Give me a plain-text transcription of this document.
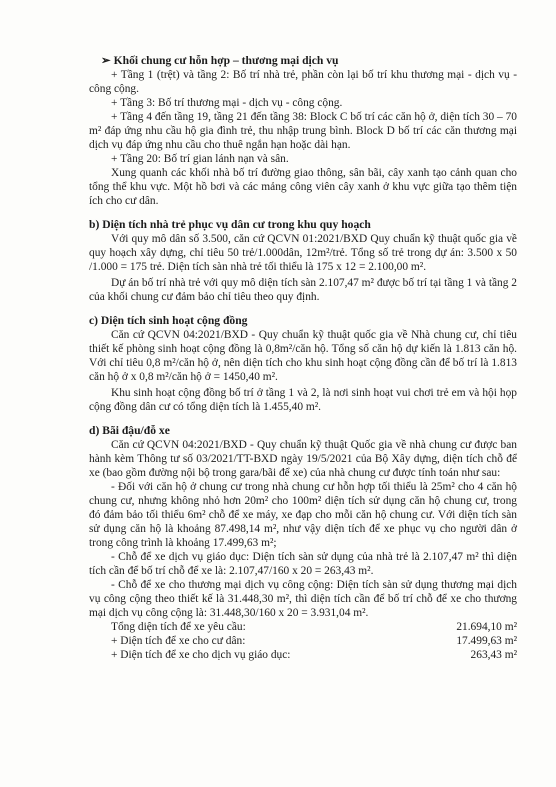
➢ Khối chung cư hỗn hợp – thương mại dịch vụ

+ Tầng 1 (trệt) và tầng 2: Bố trí nhà trẻ, phần còn lại bố trí khu thương mại - dịch vụ - công cộng.

+ Tầng 3: Bố trí thương mại - dịch vụ - công cộng.

+ Tầng 4 đến tầng 19, tầng 21 đến tầng 38: Block C bố trí các căn hộ ở, diện tích 30 – 70 m² đáp ứng nhu cầu hộ gia đình trẻ, thu nhập trung bình. Block D bố trí các căn thương mại dịch vụ đáp ứng nhu cầu cho thuê ngắn hạn hoặc dài hạn.

+ Tầng 20: Bố trí gian lánh nạn và sân.

Xung quanh các khối nhà bố trí đường giao thông, sân bãi, cây xanh tạo cảnh quan cho tổng thể khu vực. Một hồ bơi và các mảng công viên cây xanh ở khu vực giữa tạo thêm tiện ích cho cư dân.

b) Diện tích nhà trẻ phục vụ dân cư trong khu quy hoạch

Với quy mô dân số 3.500, căn cứ QCVN 01:2021/BXD Quy chuẩn kỹ thuật quốc gia về quy hoạch xây dựng, chỉ tiêu 50 trẻ/1.000dân, 12m²/trẻ. Tổng số trẻ trong dự án: 3.500 x 50 /1.000 = 175 trẻ. Diện tích sàn nhà trẻ tối thiểu là 175 x 12 = 2.100,00 m².

Dự án bố trí nhà trẻ với quy mô diện tích sàn 2.107,47 m² được bố trí tại tầng 1 và tầng 2 của khối chung cư đảm bảo chỉ tiêu theo quy định.

c) Diện tích sinh hoạt cộng đồng

Căn cứ QCVN 04:2021/BXD - Quy chuẩn kỹ thuật quốc gia về Nhà chung cư, chỉ tiêu thiết kế phòng sinh hoạt cộng đồng là 0,8m²/căn hộ. Tổng số căn hộ dự kiến là 1.813 căn hộ. Với chỉ tiêu 0,8 m²/căn hộ ở, nên diện tích cho khu sinh hoạt cộng đồng cần để bố trí là 1.813 căn hộ ở x 0,8 m²/căn hộ ở = 1450,40 m².

Khu sinh hoạt cộng đồng bố trí ở tầng 1 và 2, là nơi sinh hoạt vui chơi trẻ em và hội họp cộng đồng dân cư có tổng diện tích là 1.455,40 m².

d) Bãi đậu/đỗ xe

Căn cứ QCVN 04:2021/BXD - Quy chuẩn kỹ thuật Quốc gia về nhà chung cư được ban hành kèm Thông tư số 03/2021/TT-BXD ngày 19/5/2021 của Bộ Xây dựng, diện tích chỗ để xe (bao gồm đường nội bộ trong gara/bãi để xe) của nhà chung cư được tính toán như sau:

- Đối với căn hộ ở chung cư trong nhà chung cư hỗn hợp tối thiểu là 25m² cho 4 căn hộ chung cư, nhưng không nhỏ hơn 20m² cho 100m² diện tích sử dụng căn hộ chung cư, trong đó đảm bảo tối thiểu 6m² chỗ để xe máy, xe đạp cho mỗi căn hộ chung cư. Với diện tích sàn sử dụng căn hộ là khoảng 87.498,14 m², như vậy diện tích để xe phục vụ cho người dân ở trong công trình là khoảng 17.499,63 m²;

- Chỗ để xe dịch vụ giáo dục: Diện tích sàn sử dụng của nhà trẻ là 2.107,47 m² thì diện tích cần để bố trí chỗ để xe là: 2.107,47/160 x 20 = 263,43 m².

- Chỗ để xe cho thương mại dịch vụ công cộng: Diện tích sàn sử dụng thương mại dịch vụ công cộng theo thiết kế là 31.448,30 m², thì diện tích cần để bố trí chỗ để xe cho thương mại dịch vụ công cộng là: 31.448,30/160 x 20 = 3.931,04 m².

Tổng diện tích để xe yêu cầu:	21.694,10 m²
+ Diện tích để xe cho cư dân:	17.499,63 m²
+ Diện tích để xe cho dịch vụ giáo dục:	263,43 m²
